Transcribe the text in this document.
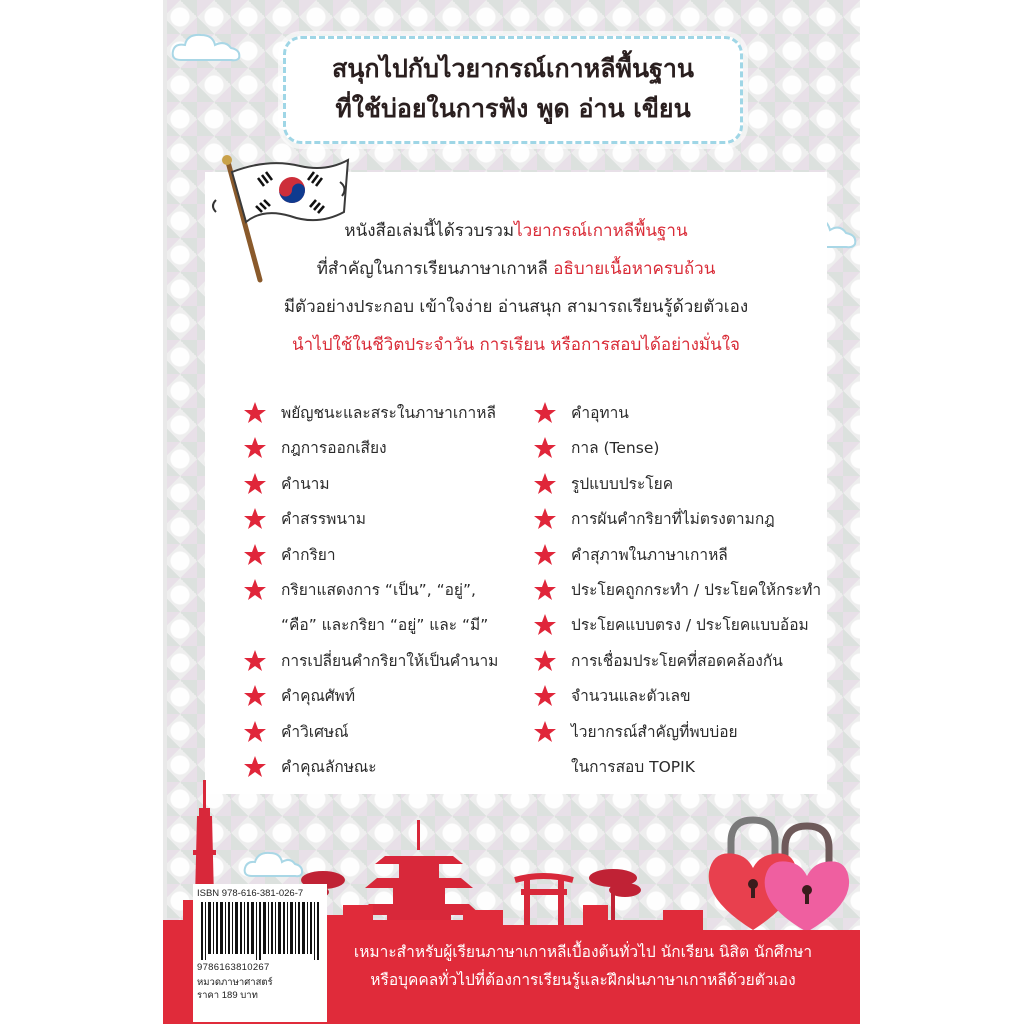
สนุกไปกับไวยากรณ์เกาหลีพื้นฐาน
ที่ใช้บ่อยในการฟัง พูด อ่าน เขียน
หนังสือเล่มนี้ได้รวบรวมไวยากรณ์เกาหลีพื้นฐาน
ที่สำคัญในการเรียนภาษาเกาหลี อธิบายเนื้อหาครบถ้วน
มีตัวอย่างประกอบ เข้าใจง่าย อ่านสนุก สามารถเรียนรู้ด้วยตัวเอง
นำไปใช้ในชีวิตประจำวัน การเรียน หรือการสอบได้อย่างมั่นใจ
พยัญชนะและสระในภาษาเกาหลี
กฎการออกเสียง
คำนาม
คำสรรพนาม
คำกริยา
กริยาแสดงการ “เป็น”, “อยู่”,
“คือ” และกริยา “อยู่” และ “มี”
การเปลี่ยนคำกริยาให้เป็นคำนาม
คำคุณศัพท์
คำวิเศษณ์
คำคุณลักษณะ
คำอุทาน
กาล (Tense)
รูปแบบประโยค
การผันคำกริยาที่ไม่ตรงตามกฎ
คำสุภาพในภาษาเกาหลี
ประโยคถูกกระทำ / ประโยคให้กระทำ
ประโยคแบบตรง / ประโยคแบบอ้อม
การเชื่อมประโยคที่สอดคล้องกัน
จำนวนและตัวเลข
ไวยากรณ์สำคัญที่พบบ่อย
ในการสอบ TOPIK
เหมาะสำหรับผู้เรียนภาษาเกาหลีเบื้องต้นทั่วไป นักเรียน นิสิต นักศึกษา
หรือบุคคลทั่วไปที่ต้องการเรียนรู้และฝึกฝนภาษาเกาหลีด้วยตัวเอง
ISBN 978-616-381-026-7
9786163810267
หมวดภาษาศาสตร์
ราคา 189 บาท
